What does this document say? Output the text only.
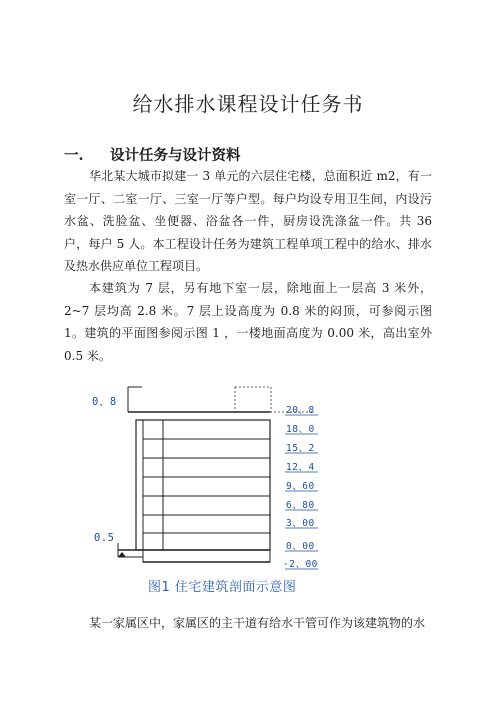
给水排水课程设计任务书
一. 设计任务与设计资料
华北某大城市拟建一 3 单元的六层住宅楼，总面积近 m2，有一室一厅、二室一厅、三室一厅等户型。每户均设专用卫生间，内设污水盆、洗脸盆、坐便器、浴盆各一件，厨房设洗涤盆一件。共 36 户，每户 5 人。本工程设计任务为建筑工程单项工程中的给水、排水及热水供应单位工程项目。
本建筑为 7 层，另有地下室一层，除地面上一层高 3 米外，2~7 层均高 2.8 米。7 层上设高度为 0.8 米的闷顶，可参阅示图 1。建筑的平面图参阅示图 1 ，一楼地面高度为 0.00 米，高出室外 0.5 米。
0、8
0.5
20、8
18、0
15、2
12、4
9、60
6、80
3、00
0、00
-2、00
图1 住宅建筑剖面示意图
某一家属区中，家属区的主干道有给水干管可作为该建筑物的水
